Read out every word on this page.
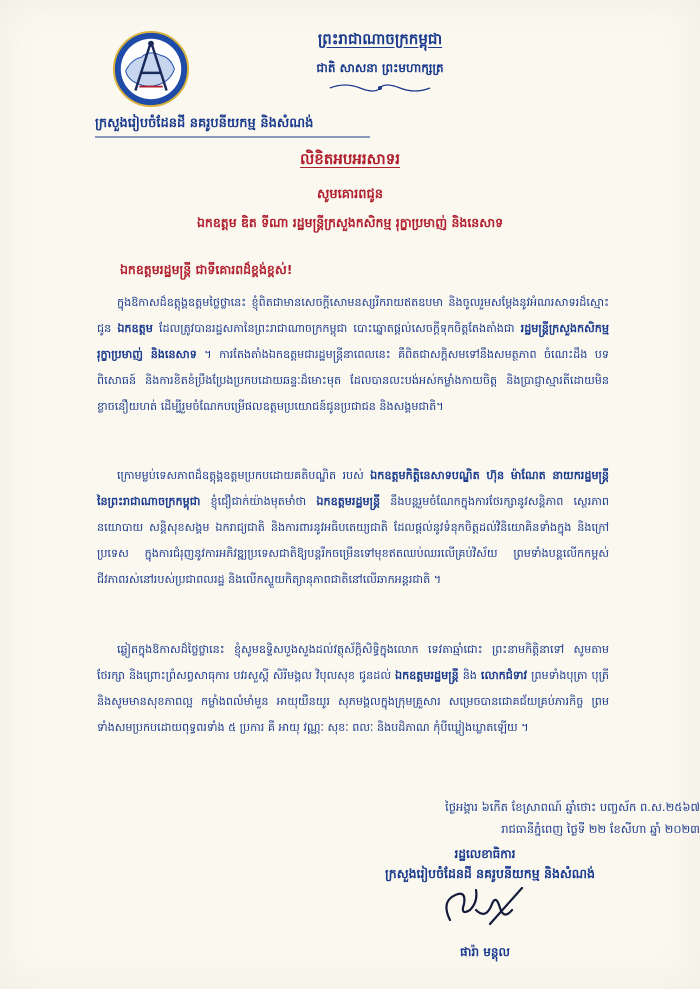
ព្រះរាជាណាចក្រកម្ពុជា
ជាតិ សាសនា ព្រះមហាក្សត្រ
ក្រសួងរៀបចំដែនដី នគរូបនីយកម្ម និងសំណង់
លិខិតអបអរសាទរ
សូមគោរពជូន
ឯកឧត្តម ឌិត ទីណា រដ្ឋមន្ត្រីក្រសួងកសិកម្ម រុក្ខាប្រមាញ់ និងនេសាទ
ឯកឧត្តមរដ្ឋមន្ត្រី ជាទីគោរពដ៏ខ្ពង់ខ្ពស់!
ក្នុងឱកាសដ៏ឧត្តុង្គឧត្តមថ្លៃថ្លានេះ ខ្ញុំពិតជាមានសេចក្តីសោមនស្សរីករាយឥតឧបមា និងចូលរួមសម្តែងនូវអំណរសាទរដ៏ស្មោះ ជូន ឯកឧត្តម ដែលត្រូវបានរដ្ឋសភានៃព្រះរាជាណាចក្រកម្ពុជា បោះឆ្នោតផ្តល់សេចក្តីទុកចិត្តតែងតាំងជា រដ្ឋមន្ត្រីក្រសួងកសិកម្ម រុក្ខាប្រមាញ់ និងនេសាទ ។ ការតែងតាំងឯកឧត្តមជារដ្ឋមន្ត្រីនាពេលនេះ គឺពិតជាសក្តិសមទៅនឹងសមត្ថភាព ចំណេះដឹង បទពិសោធន៍ និងការខិតខំប្រឹងប្រែងប្រកបដោយឆន្ទៈដ៏មោះមុត ដែលបានលះបង់អស់កម្លាំងកាយចិត្ត និងប្រាជ្ញាស្មារតីដោយមិនខ្លាចនឿយហត់ ដើម្បីរួមចំណែកបម្រើផលឧត្តមប្រយោជន៍ជូនប្រជាជន និងសង្គមជាតិ។
ក្រោមម្លប់ទេសភាពដ៏ឧត្តុង្គឧត្តមប្រកបដោយគតិបណ្ឌិត របស់ ឯកឧត្តមកិត្តិនេសាទបណ្ឌិត ហ៊ុន ម៉ាណែត នាយករដ្ឋមន្ត្រី នៃព្រះរាជាណាចក្រកម្ពុជា ខ្ញុំជឿជាក់យ៉ាងមុតមាំថា ឯកឧត្តមរដ្ឋមន្ត្រី នឹងបន្តរួមចំណែកក្នុងការថែរក្សានូវសន្តិភាព ស្ថេរភាពនយោបាយ សន្តិសុខសង្គម ឯករាជ្យជាតិ និងការពារនូវអធិបតេយ្យជាតិ ដែលផ្តល់នូវទំនុកចិត្តដល់វិនិយោគិនទាំងក្នុង និងក្រៅប្រទេស ក្នុងការជំរុញនូវការអភិវឌ្ឍប្រទេសជាតិឱ្យបន្តរីកចម្រើនទៅមុខឥតឈប់ឈរលើគ្រប់វិស័យ ព្រមទាំងបន្តលើកកម្ពស់ជីវភាពរស់នៅរបស់ប្រជាពលរដ្ឋ និងលើកស្ទួយកិត្យានុភាពជាតិនៅលើឆាកអន្តរជាតិ ។
ឆ្លៀតក្នុងឱកាសដ៏ថ្លៃថ្លានេះ ខ្ញុំសូមឧទ្ទិសបួងសួងដល់វត្ថុស័ក្តិសិទ្ធិក្នុងលោក ទេវតាឆ្មាំជោះ ព្រះនាមកិត្តិនាទៅ សូមតាមថែរក្សា និងព្រោះព្រំសព្វសាធុការ បវរសួស្តី សិរីមង្គល វិបុលសុខ ជូនដល់ ឯកឧត្តមរដ្ឋមន្ត្រី និង លោកជំទាវ ព្រមទាំងបុត្រា បុត្រី និងសូមមានសុខភាពល្អ កម្លាំងពលំមាំមួន អាយុយឺនយូរ សុភមង្គលក្នុងក្រុមគ្រួសារ សម្រេចបានជោគជ័យគ្រប់ភារកិច្ច ព្រមទាំងសមប្រកបដោយពុទ្ធពរទាំង ៥ ប្រការ គឺ អាយុ វណ្ណៈ សុខៈ ពលៈ និងបដិភាណ កុំបីឃ្លៀងឃ្លាតឡើយ ។
ថ្ងៃអង្គារ ៦កើត ខែស្រាពណ៍ ឆ្នាំថោះ បញ្ចស័ក ព.ស.២៥៦៧
រាជធានីភ្នំពេញ ថ្ងៃទី ២២ ខែសីហា ឆ្នាំ ២០២៣
រដ្ឋលេខាធិការ
ក្រសួងរៀបចំដែនដី នគរូបនីយកម្ម និងសំណង់
ផារ៉ា មន្តុល
